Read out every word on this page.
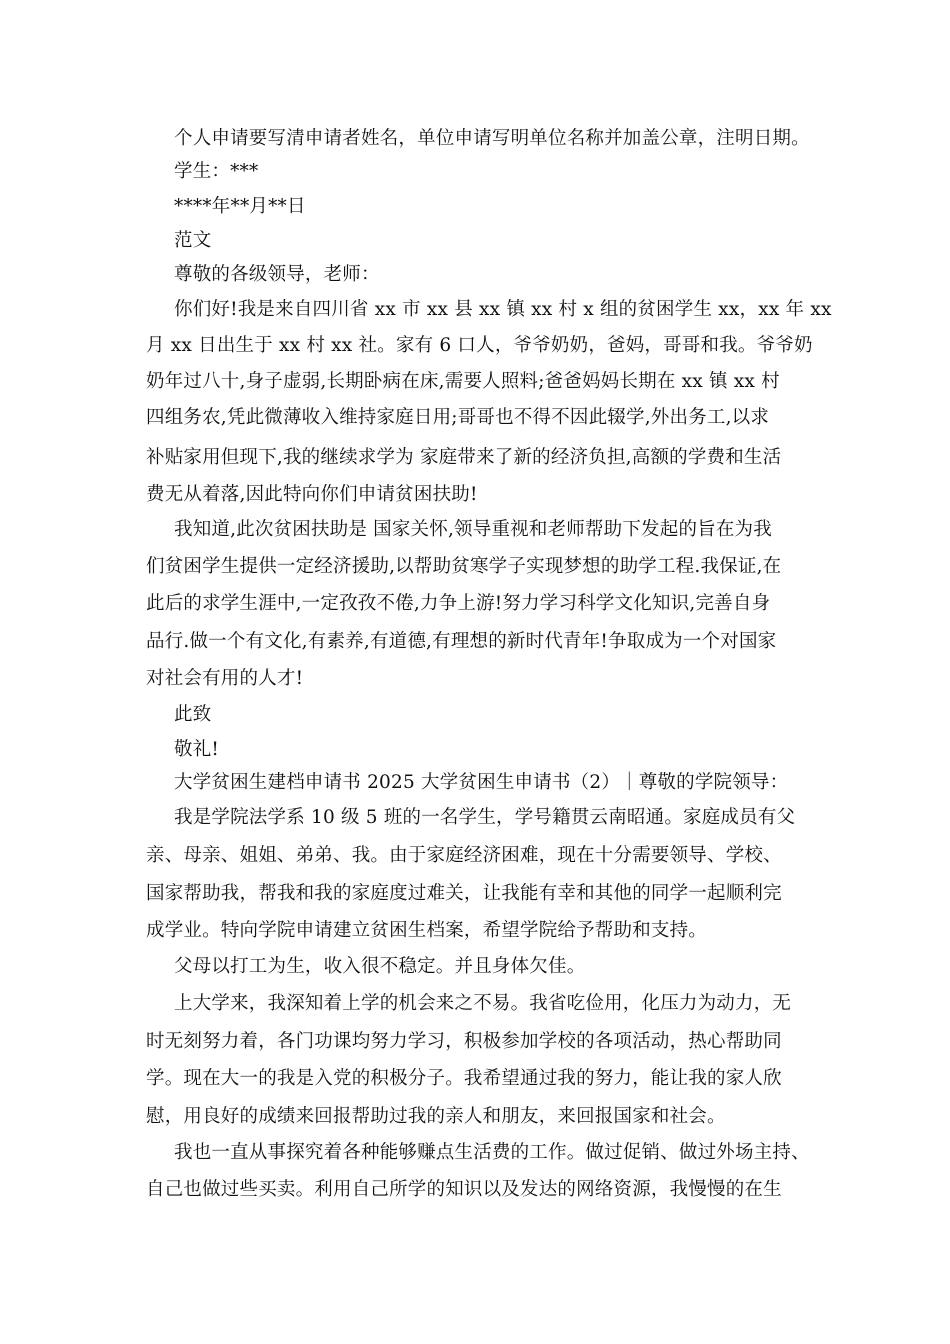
个人申请要写清申请者姓名，单位申请写明单位名称并加盖公章，注明日期。
学生：***
****年**月**日
范文
尊敬的各级领导，老师：
你们好!我是来自四川省 xx 市 xx 县 xx 镇 xx 村 x 组的贫困学生 xx，xx 年 xx
月 xx 日出生于 xx 村 xx 社。家有 6 口人，爷爷奶奶，爸妈，哥哥和我。爷爷奶
奶年过八十,身子虚弱,长期卧病在床,需要人照料;爸爸妈妈长期在 xx 镇 xx 村
四组务农,凭此微薄收入维持家庭日用;哥哥也不得不因此辍学,外出务工,以求
补贴家用但现下,我的继续求学为 家庭带来了新的经济负担,高额的学费和生活
费无从着落,因此特向你们申请贫困扶助!
我知道,此次贫困扶助是 国家关怀,领导重视和老师帮助下发起的旨在为我
们贫困学生提供一定经济援助,以帮助贫寒学子实现梦想的助学工程.我保证,在
此后的求学生涯中,一定孜孜不倦,力争上游!努力学习科学文化知识,完善自身
品行.做一个有文化,有素养,有道德,有理想的新时代青年!争取成为一个对国家
对社会有用的人才!
此致
敬礼!
大学贫困生建档申请书 2025 大学贫困生申请书（2）｜尊敬的学院领导：
我是学院法学系 10 级 5 班的一名学生，学号籍贯云南昭通。家庭成员有父
亲、母亲、姐姐、弟弟、我。由于家庭经济困难，现在十分需要领导、学校、
国家帮助我，帮我和我的家庭度过难关，让我能有幸和其他的同学一起顺利完
成学业。特向学院申请建立贫困生档案，希望学院给予帮助和支持。
父母以打工为生，收入很不稳定。并且身体欠佳。
上大学来，我深知着上学的机会来之不易。我省吃俭用，化压力为动力，无
时无刻努力着，各门功课均努力学习，积极参加学校的各项活动，热心帮助同
学。现在大一的我是入党的积极分子。我希望通过我的努力，能让我的家人欣
慰，用良好的成绩来回报帮助过我的亲人和朋友，来回报国家和社会。
我也一直从事探究着各种能够赚点生活费的工作。做过促销、做过外场主持、
自己也做过些买卖。利用自己所学的知识以及发达的网络资源，我慢慢的在生
